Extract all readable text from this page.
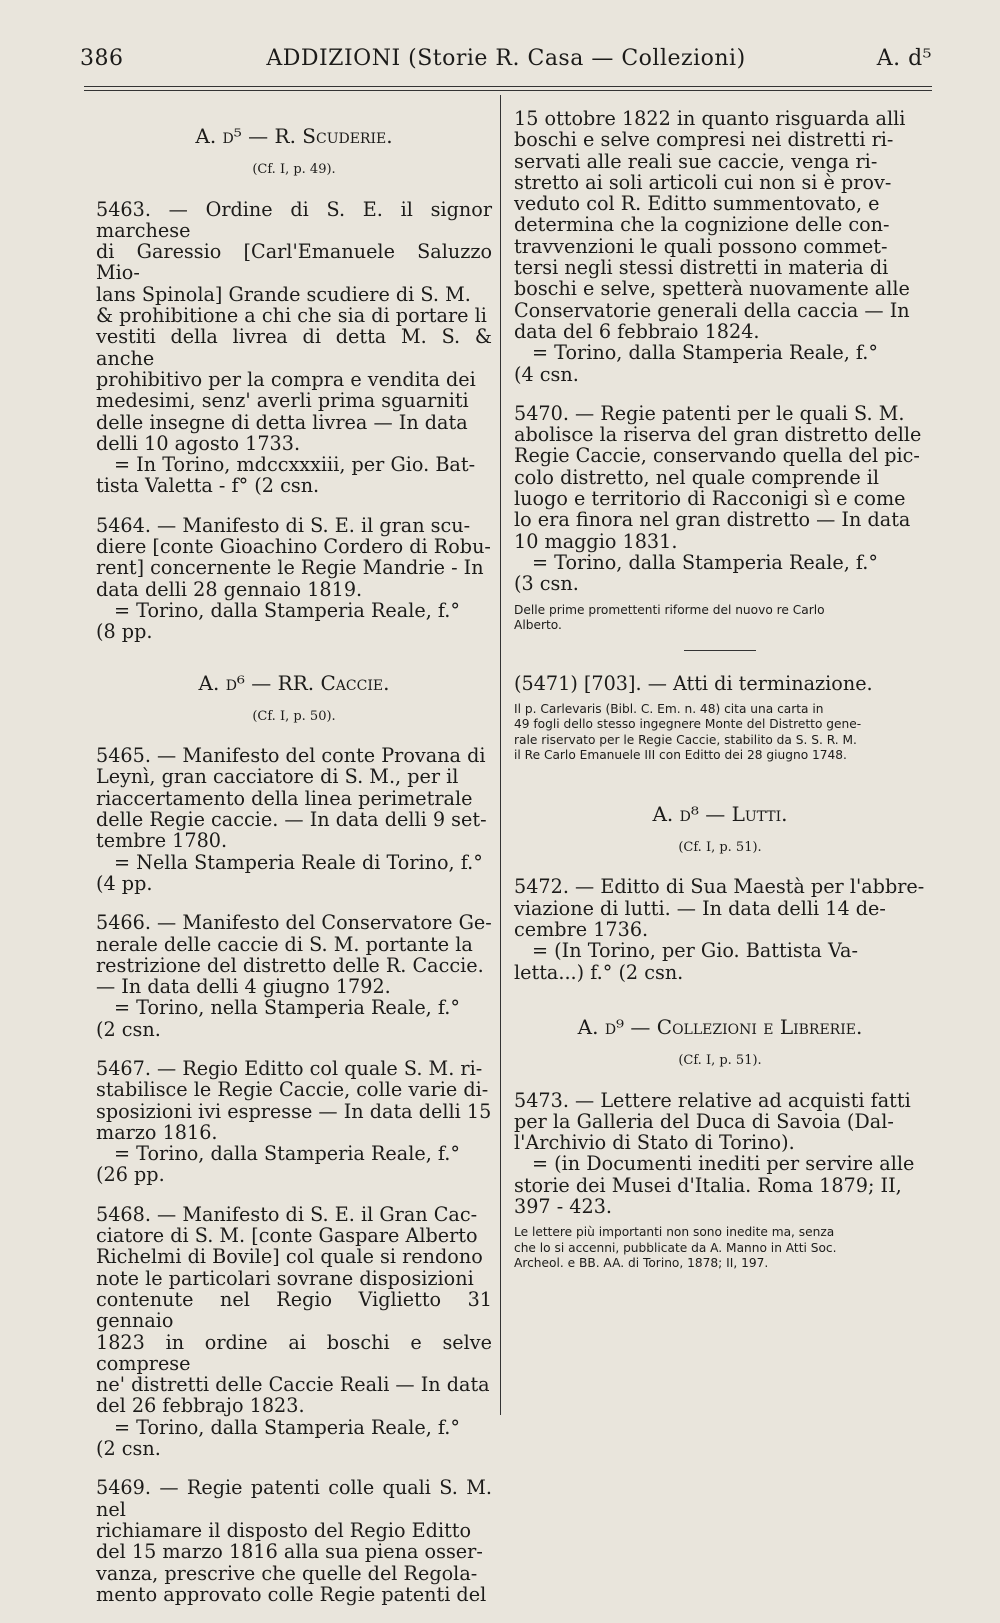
386	ADDIZIONI (Storie R. Casa — Collezioni)	A. d⁵
A. d⁵ — R. Scuderie.
(Cf. I, p. 49).

5463. — Ordine di S. E. il signor marchese

di Garessio [Carl'Emanuele Saluzzo Mio-

lans Spinola] Grande scudiere di S. M.

& prohibitione a chi che sia di portare li

vestiti della livrea di detta M. S. & anche

prohibitivo per la compra e vendita dei

medesimi, senz' averli prima sguarniti

delle insegne di detta livrea — In data

delli 10 agosto 1733.

= In Torino, mdccxxxiii, per Gio. Bat-

tista Valetta - f° (2 csn.

5464. — Manifesto di S. E. il gran scu-

diere [conte Gioachino Cordero di Robu-

rent] concernente le Regie Mandrie - In

data delli 28 gennaio 1819.

= Torino, dalla Stamperia Reale, f.°

(8 pp.

A. d⁶ — RR. Caccie.
(Cf. I, p. 50).

5465. — Manifesto del conte Provana di

Leynì, gran cacciatore di S. M., per il

riaccertamento della linea perimetrale

delle Regie caccie. — In data delli 9 set-

tembre 1780.

= Nella Stamperia Reale di Torino, f.°

(4 pp.

5466. — Manifesto del Conservatore Ge-

nerale delle caccie di S. M. portante la

restrizione del distretto delle R. Caccie.

— In data delli 4 giugno 1792.

= Torino, nella Stamperia Reale, f.°

(2 csn.

5467. — Regio Editto col quale S. M. ri-

stabilisce le Regie Caccie, colle varie di-

sposizioni ivi espresse — In data delli 15

marzo 1816.

= Torino, dalla Stamperia Reale, f.°

(26 pp.

5468. — Manifesto di S. E. il Gran Cac-

ciatore di S. M. [conte Gaspare Alberto

Richelmi di Bovile] col quale si rendono

note le particolari sovrane disposizioni

contenute nel Regio Viglietto 31 gennaio

1823 in ordine ai boschi e selve comprese

ne' distretti delle Caccie Reali — In data

del 26 febbrajo 1823.

= Torino, dalla Stamperia Reale, f.°

(2 csn.

5469. — Regie patenti colle quali S. M. nel

richiamare il disposto del Regio Editto

del 15 marzo 1816 alla sua piena osser-

vanza, prescrive che quelle del Regola-

mento approvato colle Regie patenti del

15 ottobre 1822 in quanto risguarda alli

boschi e selve compresi nei distretti ri-

servati alle reali sue caccie, venga ri-

stretto ai soli articoli cui non si è prov-

veduto col R. Editto summentovato, e

determina che la cognizione delle con-

travvenzioni le quali possono commet-

tersi negli stessi distretti in materia di

boschi e selve, spetterà nuovamente alle

Conservatorie generali della caccia — In

data del 6 febbraio 1824.

= Torino, dalla Stamperia Reale, f.°

(4 csn.

5470. — Regie patenti per le quali S. M.

abolisce la riserva del gran distretto delle

Regie Caccie, conservando quella del pic-

colo distretto, nel quale comprende il

luogo e territorio di Racconigi sì e come

lo era finora nel gran distretto — In data

10 maggio 1831.

= Torino, dalla Stamperia Reale, f.°

(3 csn.

Delle prime promettenti riforme del nuovo re Carlo
Alberto.

(5471) [703]. — Atti di terminazione.

Il p. Carlevaris (Bibl. C. Em. n. 48) cita una carta in
49 fogli dello stesso ingegnere Monte del Distretto gene-
rale riservato per le Regie Caccie, stabilito da S. S. R. M.
il Re Carlo Emanuele III con Editto dei 28 giugno 1748.
A. d⁸ — Lutti.
(Cf. I, p. 51).

5472. — Editto di Sua Maestà per l'abbre-

viazione di lutti. — In data delli 14 de-

cembre 1736.

= (In Torino, per Gio. Battista Va-

letta...) f.° (2 csn.

A. d⁹ — Collezioni e Librerie.
(Cf. I, p. 51).

5473. — Lettere relative ad acquisti fatti

per la Galleria del Duca di Savoia (Dal-

l'Archivio di Stato di Torino).

= (in Documenti inediti per servire alle

storie dei Musei d'Italia. Roma 1879; II,

397 - 423.

Le lettere più importanti non sono inedite ma, senza
che lo si accenni, pubblicate da A. Manno in Atti Soc.
Archeol. e BB. AA. di Torino, 1878; II, 197.
